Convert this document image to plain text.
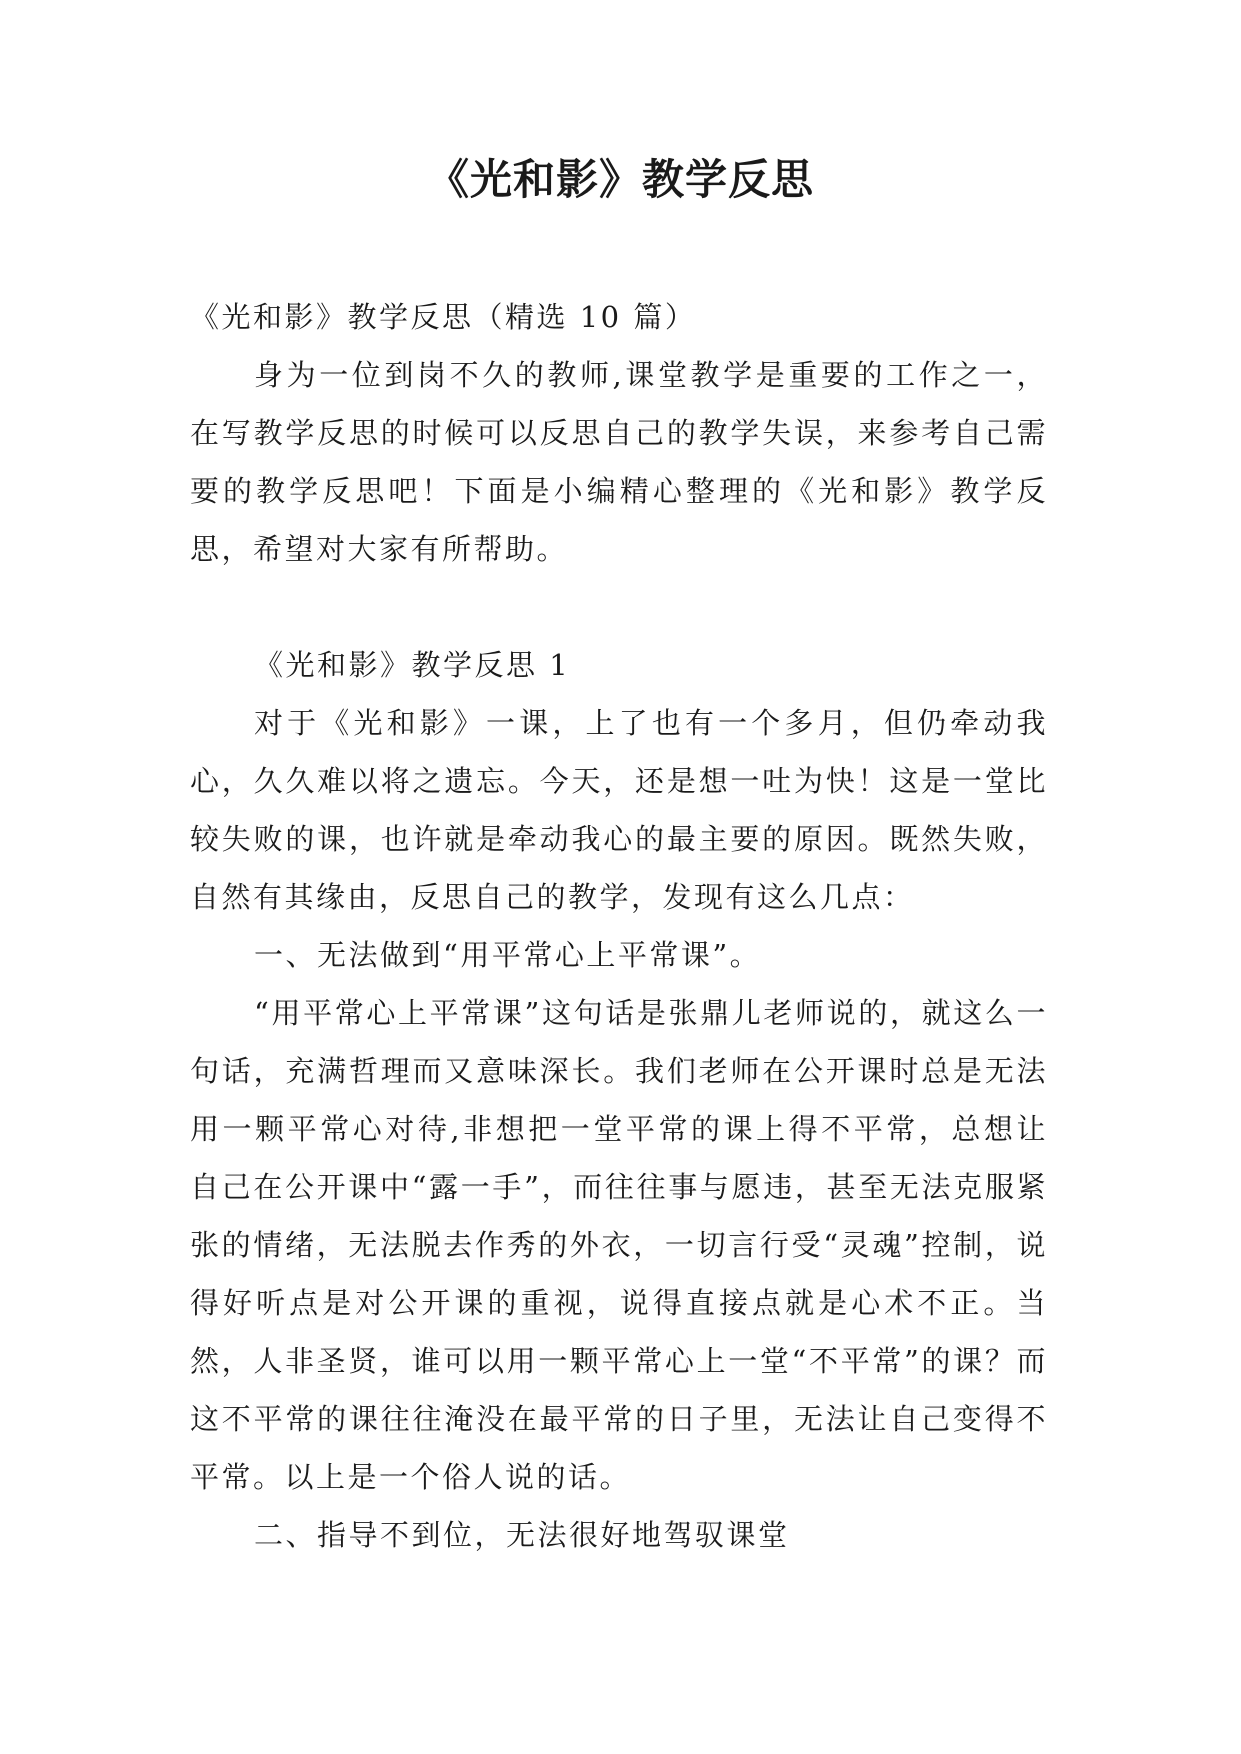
《光和影》教学反思

《光和影》教学反思（精选 10 篇）

身为一位到岗不久的教师,课堂教学是重要的工作之一，在写教学反思的时候可以反思自己的教学失误，来参考自己需要的教学反思吧！下面是小编精心整理的《光和影》教学反思，希望对大家有所帮助。

《光和影》教学反思 1

对于《光和影》一课，上了也有一个多月，但仍牵动我心，久久难以将之遗忘。今天，还是想一吐为快！这是一堂比较失败的课，也许就是牵动我心的最主要的原因。既然失败，自然有其缘由，反思自己的教学，发现有这么几点：

一、无法做到“用平常心上平常课”。

“用平常心上平常课”这句话是张鼎儿老师说的，就这么一句话，充满哲理而又意味深长。我们老师在公开课时总是无法用一颗平常心对待,非想把一堂平常的课上得不平常，总想让自己在公开课中“露一手”，而往往事与愿违，甚至无法克服紧张的情绪，无法脱去作秀的外衣，一切言行受“灵魂”控制，说得好听点是对公开课的重视，说得直接点就是心术不正。当然，人非圣贤，谁可以用一颗平常心上一堂“不平常”的课？而这不平常的课往往淹没在最平常的日子里，无法让自己变得不平常。以上是一个俗人说的话。

二、指导不到位，无法很好地驾驭课堂
